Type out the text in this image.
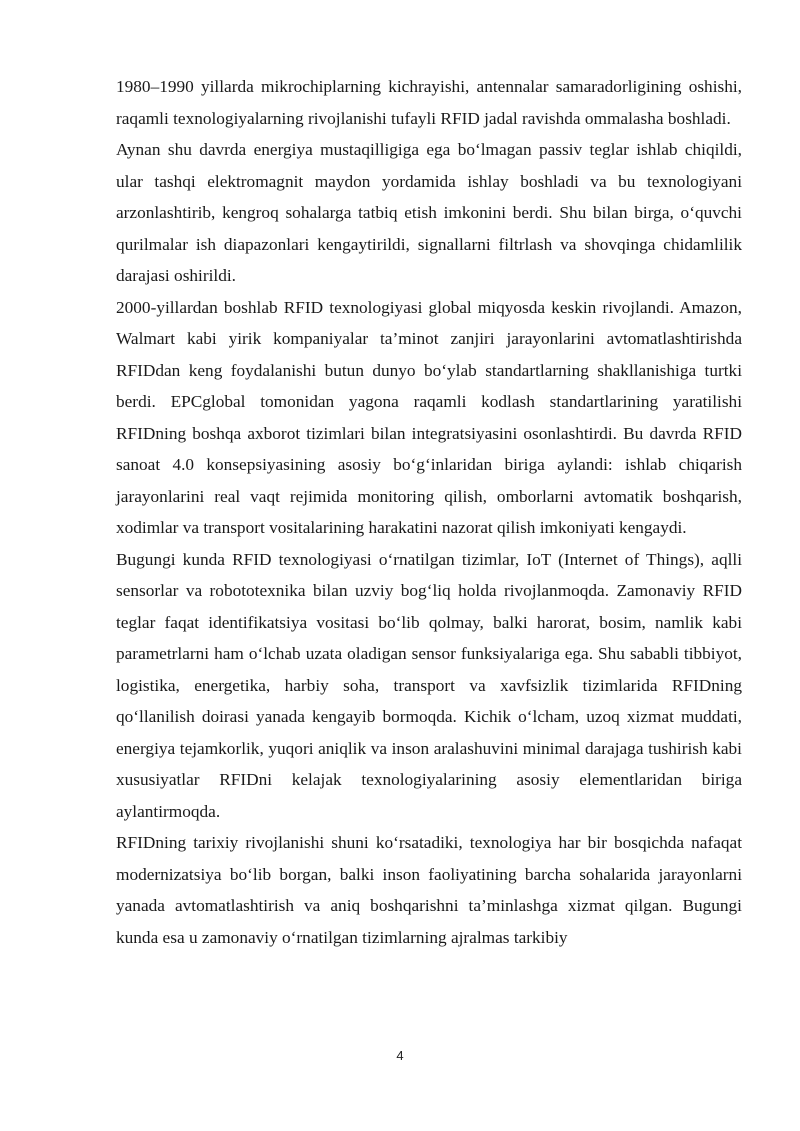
1980–1990 yillarda mikrochiplarning kichrayishi, antennalar samaradorligining oshishi, raqamli texnologiyalarning rivojlanishi tufayli RFID jadal ravishda ommalasha boshladi.

Aynan shu davrda energiya mustaqilligiga ega bo‘lmagan passiv teglar ishlab chiqildi, ular tashqi elektromagnit maydon yordamida ishlay boshladi va bu texnologiyani arzonlashtirib, kengroq sohalarga tatbiq etish imkonini berdi. Shu bilan birga, o‘quvchi qurilmalar ish diapazonlari kengaytirildi, signallarni filtrlash va shovqinga chidamlilik darajasi oshirildi.

2000-yillardan boshlab RFID texnologiyasi global miqyosda keskin rivojlandi. Amazon, Walmart kabi yirik kompaniyalar ta’minot zanjiri jarayonlarini avtomatlashtirishda RFIDdan keng foydalanishi butun dunyo bo‘ylab standartlarning shakllanishiga turtki berdi. EPCglobal tomonidan yagona raqamli kodlash standartlarining yaratilishi RFIDning boshqa axborot tizimlari bilan integratsiyasini osonlashtirdi. Bu davrda RFID sanoat 4.0 konsepsiyasining asosiy bo‘g‘inlaridan biriga aylandi: ishlab chiqarish jarayonlarini real vaqt rejimida monitoring qilish, omborlarni avtomatik boshqarish, xodimlar va transport vositalarining harakatini nazorat qilish imkoniyati kengaydi.

Bugungi kunda RFID texnologiyasi o‘rnatilgan tizimlar, IoT (Internet of Things), aqlli sensorlar va robototexnika bilan uzviy bog‘liq holda rivojlanmoqda. Zamonaviy RFID teglar faqat identifikatsiya vositasi bo‘lib qolmay, balki harorat, bosim, namlik kabi parametrlarni ham o‘lchab uzata oladigan sensor funksiyalariga ega. Shu sababli tibbiyot, logistika, energetika, harbiy soha, transport va xavfsizlik tizimlarida RFIDning qo‘llanilish doirasi yanada kengayib bormoqda. Kichik o‘lcham, uzoq xizmat muddati, energiya tejamkorlik, yuqori aniqlik va inson aralashuvini minimal darajaga tushirish kabi xususiyatlar RFIDni kelajak texnologiyalarining asosiy elementlaridan biriga aylantirmoqda.

RFIDning tarixiy rivojlanishi shuni ko‘rsatadiki, texnologiya har bir bosqichda nafaqat modernizatsiya bo‘lib borgan, balki inson faoliyatining barcha sohalarida jarayonlarni yanada avtomatlashtirish va aniq boshqarishni ta’minlashga xizmat qilgan. Bugungi kunda esa u zamonaviy o‘rnatilgan tizimlarning ajralmas tarkibiy

4
